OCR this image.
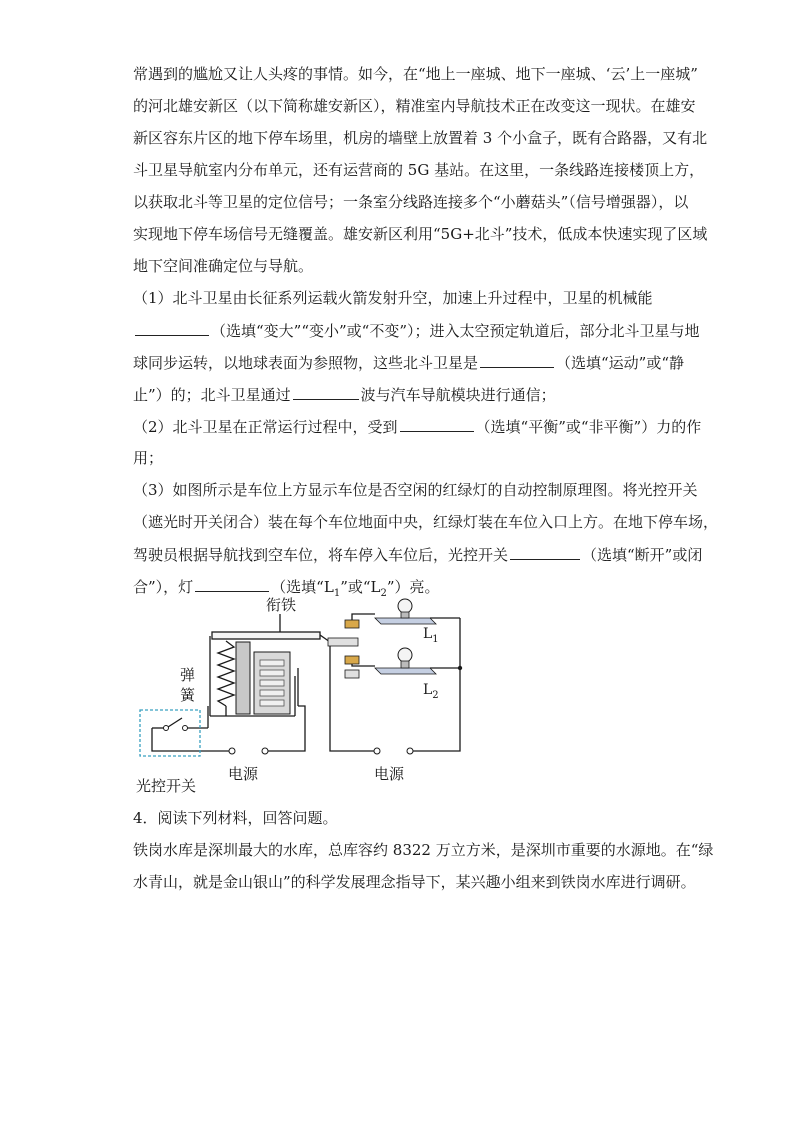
常遇到的尴尬又让人头疼的事情。如今，在“地上一座城、地下一座城、‘云’上一座城”
的河北雄安新区（以下简称雄安新区），精准室内导航技术正在改变这一现状。在雄安
新区容东片区的地下停车场里，机房的墙壁上放置着 3 个小盒子，既有合路器，又有北
斗卫星导航室内分布单元，还有运营商的 5G 基站。在这里，一条线路连接楼顶上方，
以获取北斗等卫星的定位信号；一条室分线路连接多个“小蘑菇头”（信号增强器），以
实现地下停车场信号无缝覆盖。雄安新区利用“5G+北斗”技术，低成本快速实现了区域
地下空间准确定位与导航。
（1）北斗卫星由长征系列运载火箭发射升空，加速上升过程中，卫星的机械能
（选填“变大”“变小”或“不变”）；进入太空预定轨道后，部分北斗卫星与地
球同步运转，以地球表面为参照物，这些北斗卫星是	（选填“运动”或“静
止”）的；北斗卫星通过	波与汽车导航模块进行通信；
（2）北斗卫星在正常运行过程中，受到	（选填“平衡”或“非平衡”）力的作
用；
（3）如图所示是车位上方显示车位是否空闲的红绿灯的自动控制原理图。将光控开关
（遮光时开关闭合）装在每个车位地面中央，红绿灯装在车位入口上方。在地下停车场，
驾驶员根据导航找到空车位，将车停入车位后，光控开关	（选填“断开”或闭
合”），灯	（选填“$L_1$”或“$L_2$”）亮。
衔铁
弹
簧
$L_1$
$L_2$
电源	电源
光控开关
4．阅读下列材料，回答问题。
铁岗水库是深圳最大的水库，总库容约 8322 万立方米，是深圳市重要的水源地。在“绿
水青山，就是金山银山”的科学发展理念指导下，某兴趣小组来到铁岗水库进行调研。
